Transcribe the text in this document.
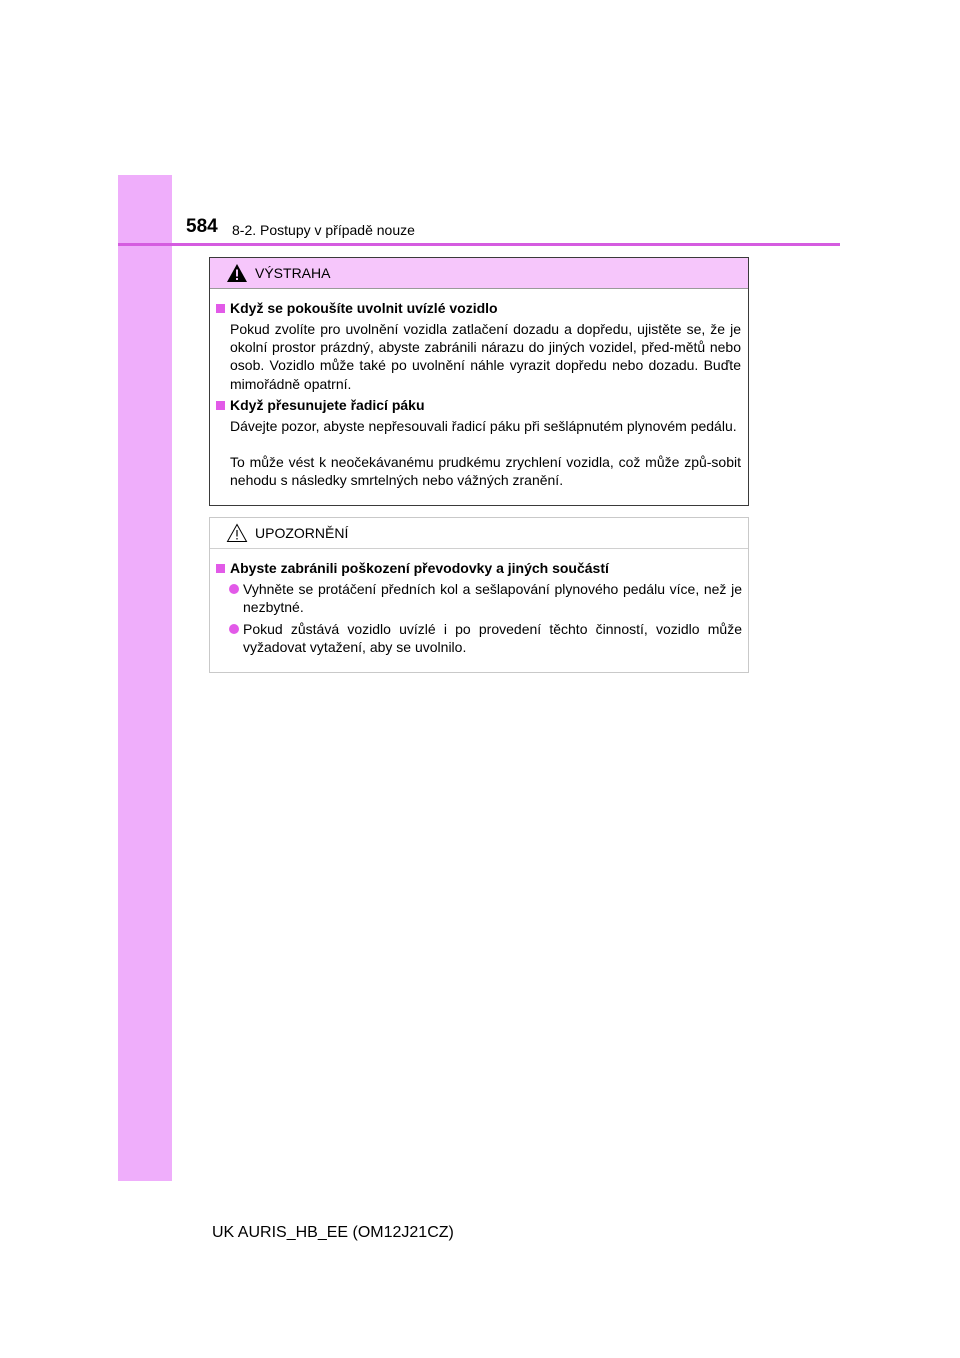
584 8-2. Postupy v případě nouze
VÝSTRAHA
Když se pokoušíte uvolnit uvízlé vozidlo
Pokud zvolíte pro uvolnění vozidla zatlačení dozadu a dopředu, ujistěte se, že je okolní prostor prázdný, abyste zabránili nárazu do jiných vozidel, před-mětů nebo osob. Vozidlo může také po uvolnění náhle vyrazit dopředu nebo dozadu. Buďte mimořádně opatrní.
Když přesunujete řadicí páku
Dávejte pozor, abyste nepřesouvali řadicí páku při sešlápnutém plynovém pedálu.
To může vést k neočekávanému prudkému zrychlení vozidla, což může způ-sobit nehodu s následky smrtelných nebo vážných zranění.
UPOZORNĚNÍ
Abyste zabránili poškození převodovky a jiných součástí
Vyhněte se protáčení předních kol a sešlapování plynového pedálu více, než je nezbytné.
Pokud zůstává vozidlo uvízlé i po provedení těchto činností, vozidlo může vyžadovat vytažení, aby se uvolnilo.
UK AURIS_HB_EE (OM12J21CZ)
